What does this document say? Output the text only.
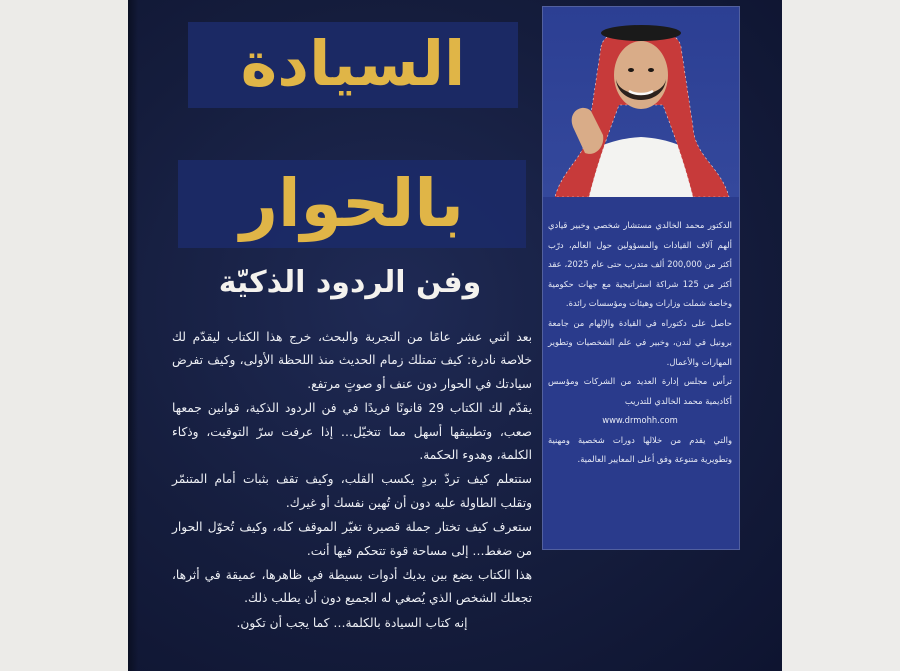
السيادة
بالحوار
وفن الردود الذكيّة

بعد اثني عشر عامًا من التجربة والبحث، خرج هذا الكتاب ليقدّم لك خلاصة نادرة: كيف تمتلك زمام الحديث منذ اللحظة الأولى، وكيف تفرض سيادتك في الحوار دون عنف أو صوتٍ مرتفع.

يقدّم لك الكتاب 29 قانونًا فريدًا في فن الردود الذكية، قوانين جمعها صعب، وتطبيقها أسهل مما تتخيّل… إذا عرفت سرّ التوقيت، وذكاء الكلمة، وهدوء الحكمة.

ستتعلم كيف تردّ بردٍ يكسب القلب، وكيف تقف بثبات أمام المتنمّر وتقلب الطاولة عليه دون أن تُهين نفسك أو غيرك.

ستعرف كيف تختار جملة قصيرة تغيّر الموقف كله، وكيف تُحوّل الحوار من ضغط… إلى مساحة قوة تتحكم فيها أنت.

هذا الكتاب يضع بين يديك أدوات بسيطة في ظاهرها، عميقة في أثرها، تجعلك الشخص الذي يُصغي له الجميع دون أن يطلب ذلك.

إنه كتاب السيادة بالكلمة… كما يجب أن تكون.

الدكتور محمد الخالدي مستشار شخصي وخبير قيادي ألهم آلاف القيادات والمسؤولين حول العالم، درّب أكثر من 200,000 ألف متدرب حتى عام 2025، عقد أكثر من 125 شراكة استراتيجية مع جهات حكومية وخاصة شملت وزارات وهيئات ومؤسسات رائدة.

حاصل على دكتوراه في القيادة والإلهام من جامعة برونيل في لندن، وخبير في علم الشخصيات وتطوير المهارات والأعمال.

ترأس مجلس إدارة العديد من الشركات ومؤسس أكاديمية محمد الخالدي للتدريب

www.drmohh.com

والتي يقدم من خلالها دورات شخصية ومهنية وتطويرية متنوعة وفق أعلى المعايير العالمية.
